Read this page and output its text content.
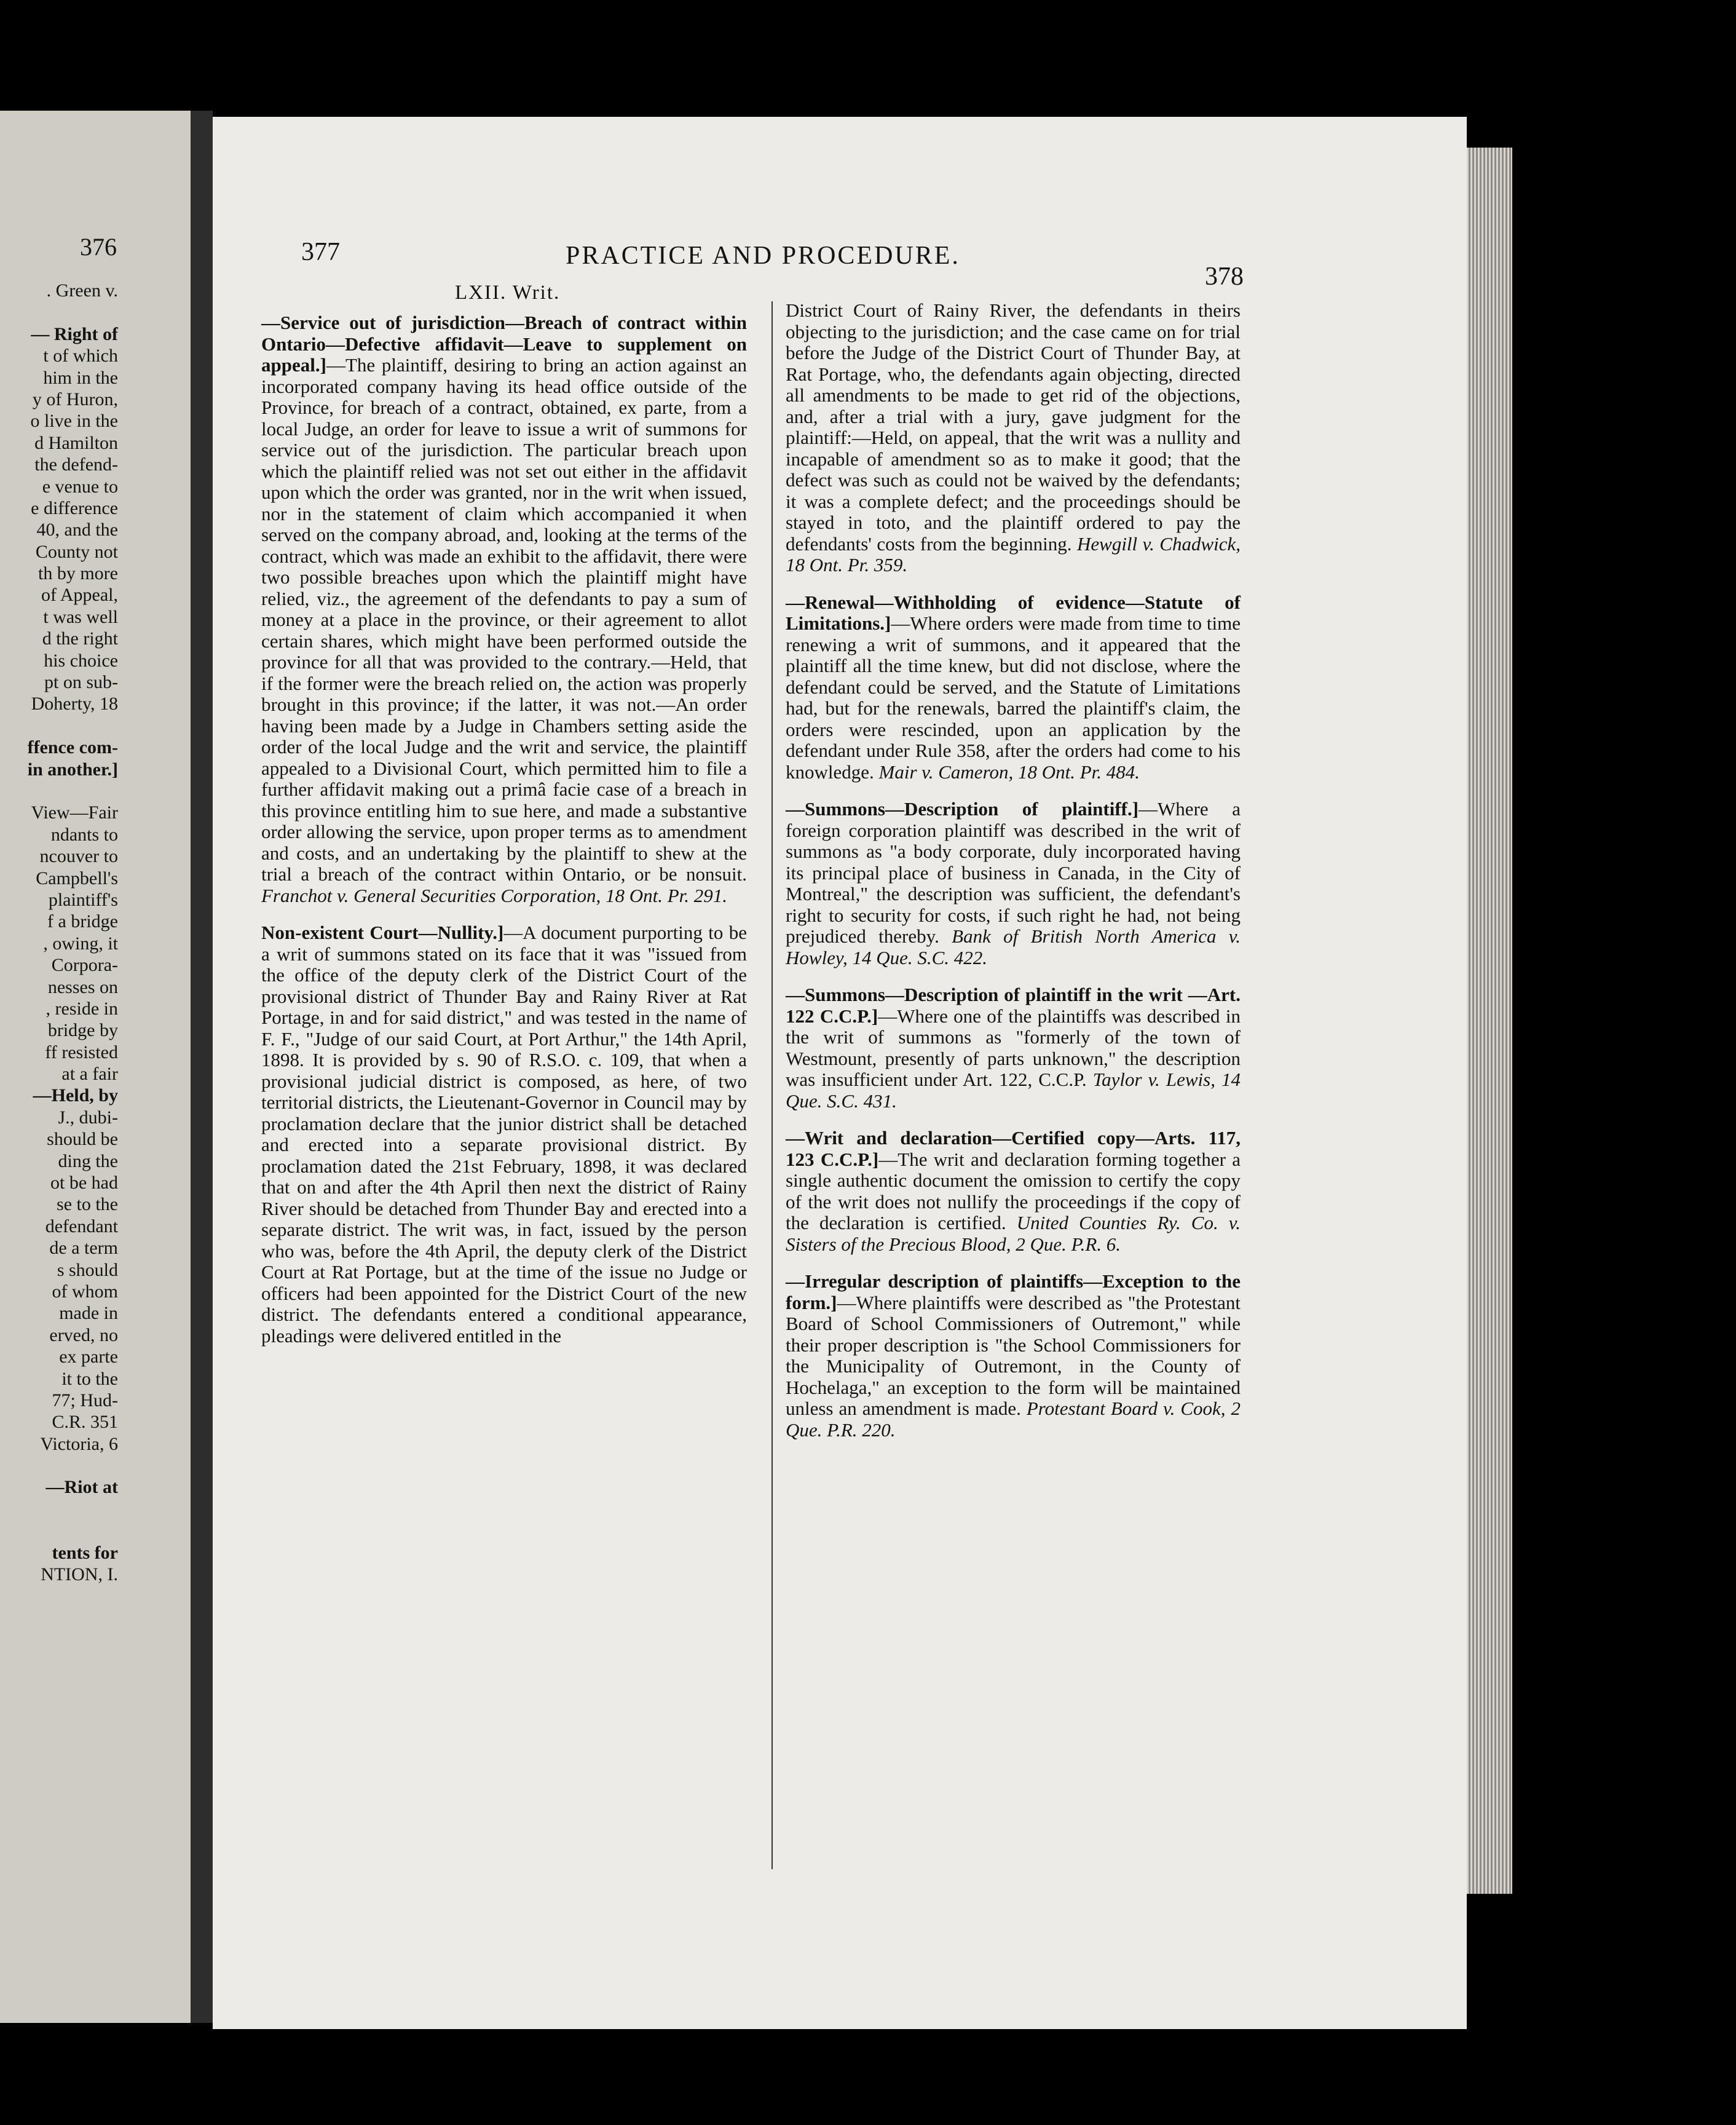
376
. Green v.

— Right of
t of which
him in the
y of Huron,
o live in the
d Hamilton
the defend-
e venue to
e difference
40, and the
County not
th by more
of Appeal,
t was well
d the right
his choice
pt on sub-
Doherty, 18

ffence com-
in another.]

View—Fair
ndants to
ncouver to
Campbell's
plaintiff's
f a bridge
, owing, it
Corpora-
nesses on
, reside in
bridge by
ff resisted
at a fair
—Held, by
J., dubi-
should be
ding the
ot be had
se to the
defendant
de a term
s should
of whom
made in
erved, no
ex parte
it to the
77; Hud-
C.R. 351
Victoria, 6

—Riot at

tents for
NTION, I.
377	PRACTICE AND PROCEDURE.
378
LXII. Writ.
—Service out of jurisdiction—Breach of contract within Ontario—Defective affidavit—Leave to supplement on appeal.]—The plaintiff, desiring to bring an action against an incorporated company having its head office outside of the Province, for breach of a contract, obtained, ex parte, from a local Judge, an order for leave to issue a writ of summons for service out of the jurisdiction. The particular breach upon which the plaintiff relied was not set out either in the affidavit upon which the order was granted, nor in the writ when issued, nor in the statement of claim which accompanied it when served on the company abroad, and, looking at the terms of the contract, which was made an exhibit to the affidavit, there were two possible breaches upon which the plaintiff might have relied, viz., the agreement of the defendants to pay a sum of money at a place in the province, or their agreement to allot certain shares, which might have been performed outside the province for all that was provided to the contrary.—Held, that if the former were the breach relied on, the action was properly brought in this province; if the latter, it was not.—An order having been made by a Judge in Chambers setting aside the order of the local Judge and the writ and service, the plaintiff appealed to a Divisional Court, which permitted him to file a further affidavit making out a primâ facie case of a breach in this province entitling him to sue here, and made a substantive order allowing the service, upon proper terms as to amendment and costs, and an undertaking by the plaintiff to shew at the trial a breach of the contract within Ontario, or be nonsuit. Franchot v. General Securities Corporation, 18 Ont. Pr. 291.
Non-existent Court—Nullity.]—A document purporting to be a writ of summons stated on its face that it was "issued from the office of the deputy clerk of the District Court of the provisional district of Thunder Bay and Rainy River at Rat Portage, in and for said district," and was tested in the name of F. F., "Judge of our said Court, at Port Arthur," the 14th April, 1898. It is provided by s. 90 of R.S.O. c. 109, that when a provisional judicial district is composed, as here, of two territorial districts, the Lieutenant-Governor in Council may by proclamation declare that the junior district shall be detached and erected into a separate provisional district. By proclamation dated the 21st February, 1898, it was declared that on and after the 4th April then next the district of Rainy River should be detached from Thunder Bay and erected into a separate district. The writ was, in fact, issued by the person who was, before the 4th April, the deputy clerk of the District Court at Rat Portage, but at the time of the issue no Judge or officers had been appointed for the District Court of the new district. The defendants entered a conditional appearance, pleadings were delivered entitled in the
District Court of Rainy River, the defendants in theirs objecting to the jurisdiction; and the case came on for trial before the Judge of the District Court of Thunder Bay, at Rat Portage, who, the defendants again objecting, directed all amendments to be made to get rid of the objections, and, after a trial with a jury, gave judgment for the plaintiff:—Held, on appeal, that the writ was a nullity and incapable of amendment so as to make it good; that the defect was such as could not be waived by the defendants; it was a complete defect; and the proceedings should be stayed in toto, and the plaintiff ordered to pay the defendants' costs from the beginning. Hewgill v. Chadwick, 18 Ont. Pr. 359.
—Renewal—Withholding of evidence—Statute of Limitations.]—Where orders were made from time to time renewing a writ of summons, and it appeared that the plaintiff all the time knew, but did not disclose, where the defendant could be served, and the Statute of Limitations had, but for the renewals, barred the plaintiff's claim, the orders were rescinded, upon an application by the defendant under Rule 358, after the orders had come to his knowledge. Mair v. Cameron, 18 Ont. Pr. 484.
—Summons—Description of plaintiff.]—Where a foreign corporation plaintiff was described in the writ of summons as "a body corporate, duly incorporated having its principal place of business in Canada, in the City of Montreal," the description was sufficient, the defendant's right to security for costs, if such right he had, not being prejudiced thereby. Bank of British North America v. Howley, 14 Que. S.C. 422.
—Summons—Description of plaintiff in the writ —Art. 122 C.C.P.]—Where one of the plaintiffs was described in the writ of summons as "formerly of the town of Westmount, presently of parts unknown," the description was insufficient under Art. 122, C.C.P. Taylor v. Lewis, 14 Que. S.C. 431.
—Writ and declaration—Certified copy—Arts. 117, 123 C.C.P.]—The writ and declaration forming together a single authentic document the omission to certify the copy of the writ does not nullify the proceedings if the copy of the declaration is certified. United Counties Ry. Co. v. Sisters of the Precious Blood, 2 Que. P.R. 6.
—Irregular description of plaintiffs—Exception to the form.]—Where plaintiffs were described as "the Protestant Board of School Commissioners of Outremont," while their proper description is "the School Commissioners for the Municipality of Outremont, in the County of Hochelaga," an exception to the form will be maintained unless an amendment is made. Protestant Board v. Cook, 2 Que. P.R. 220.
